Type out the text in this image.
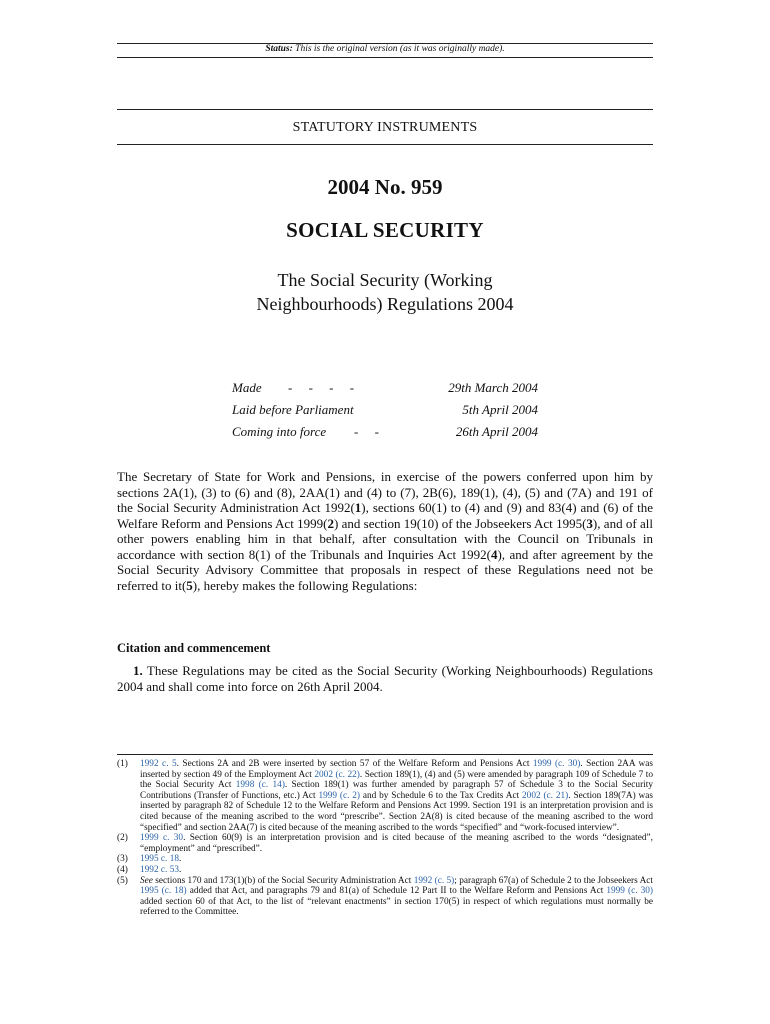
Status: This is the original version (as it was originally made).
STATUTORY INSTRUMENTS
2004 No. 959
SOCIAL SECURITY
The Social Security (Working
Neighbourhoods) Regulations 2004
Made -     -     -     -	29th March 2004
Laid before Parliament	5th April 2004
Coming into force -     -	26th April 2004
The Secretary of State for Work and Pensions, in exercise of the powers conferred upon him by sections 2A(1), (3) to (6) and (8), 2AA(1) and (4) to (7), 2B(6), 189(1), (4), (5) and (7A) and 191 of the Social Security Administration Act 1992(1), sections 60(1) to (4) and (9) and 83(4) and (6) of the Welfare Reform and Pensions Act 1999(2) and section 19(10) of the Jobseekers Act 1995(3), and of all other powers enabling him in that behalf, after consultation with the Council on Tribunals in accordance with section 8(1) of the Tribunals and Inquiries Act 1992(4), and after agreement by the Social Security Advisory Committee that proposals in respect of these Regulations need not be referred to it(5), hereby makes the following Regulations:
Citation and commencement
1. These Regulations may be cited as the Social Security (Working Neighbourhoods) Regulations 2004 and shall come into force on 26th April 2004.
(1) 1992 c. 5. Sections 2A and 2B were inserted by section 57 of the Welfare Reform and Pensions Act 1999 (c. 30). Section 2AA was inserted by section 49 of the Employment Act 2002 (c. 22). Section 189(1), (4) and (5) were amended by paragraph 109 of Schedule 7 to the Social Security Act 1998 (c. 14). Section 189(1) was further amended by paragraph 57 of Schedule 3 to the Social Security Contributions (Transfer of Functions, etc.) Act 1999 (c. 2) and by Schedule 6 to the Tax Credits Act 2002 (c. 21). Section 189(7A) was inserted by paragraph 82 of Schedule 12 to the Welfare Reform and Pensions Act 1999. Section 191 is an interpretation provision and is cited because of the meaning ascribed to the word “prescribe”. Section 2A(8) is cited because of the meaning ascribed to the word “specified” and section 2AA(7) is cited because of the meaning ascribed to the words “specified” and “work-focused interview”.
(2) 1999 c. 30. Section 60(9) is an interpretation provision and is cited because of the meaning ascribed to the words “designated”, “employment” and “prescribed”.
(3) 1995 c. 18.
(4) 1992 c. 53.
(5) See sections 170 and 173(1)(b) of the Social Security Administration Act 1992 (c. 5); paragraph 67(a) of Schedule 2 to the Jobseekers Act 1995 (c. 18) added that Act, and paragraphs 79 and 81(a) of Schedule 12 Part II to the Welfare Reform and Pensions Act 1999 (c. 30) added section 60 of that Act, to the list of “relevant enactments” in section 170(5) in respect of which regulations must normally be referred to the Committee.
